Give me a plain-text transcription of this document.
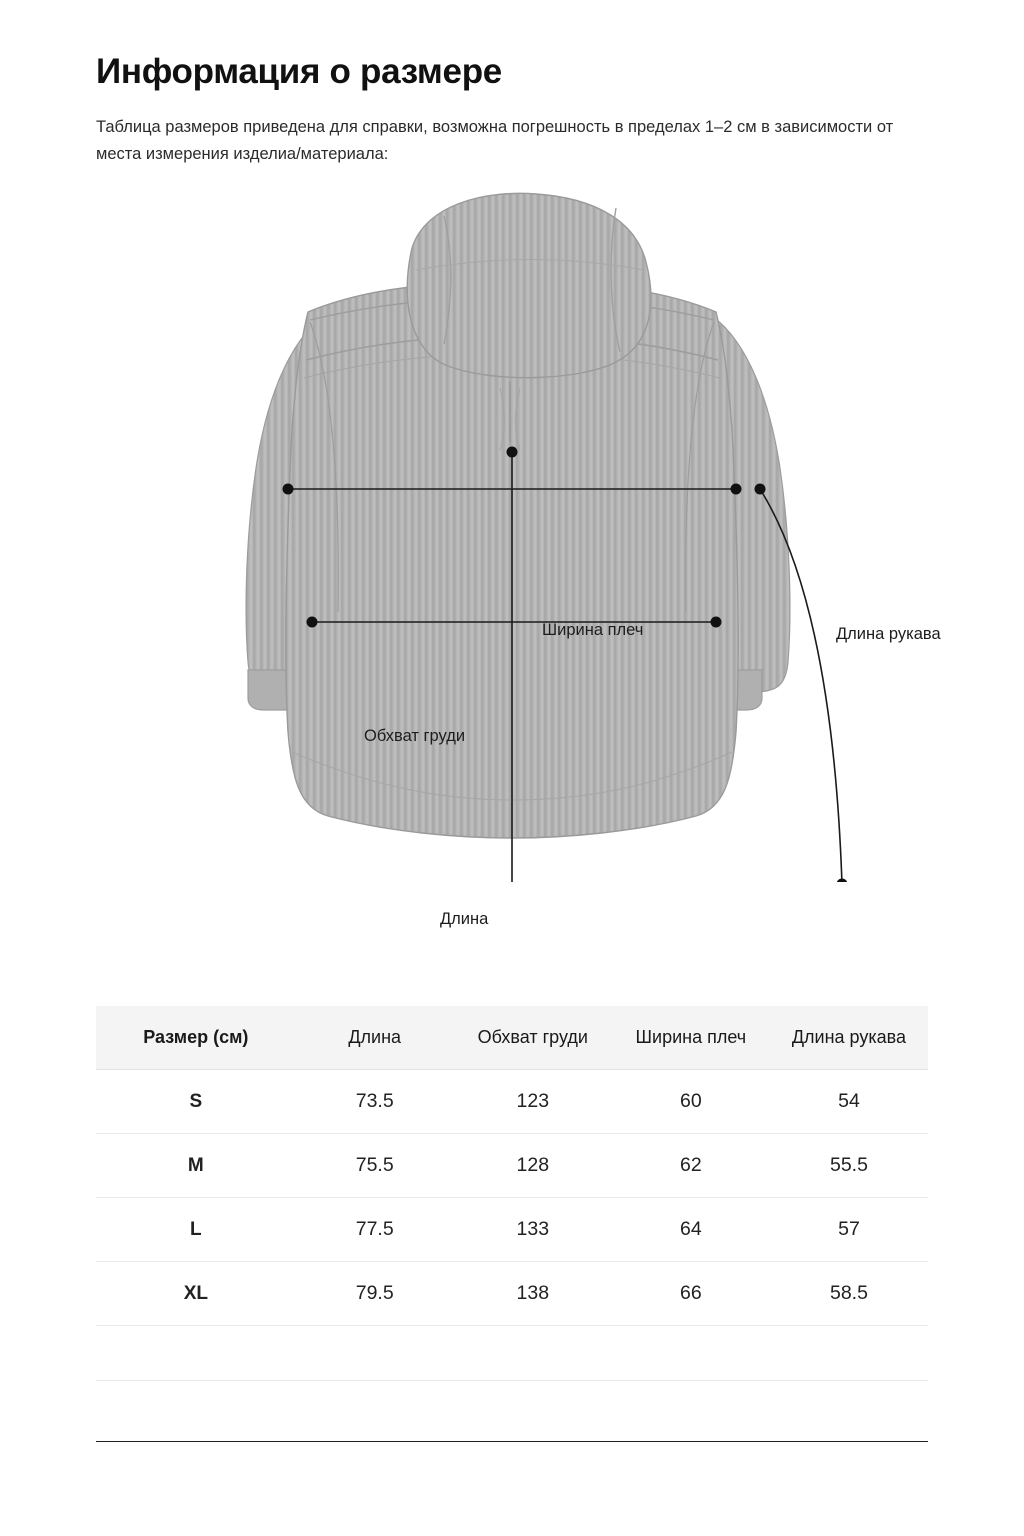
Информация о размере

Таблица размеров приведена для справки, возможна погрешность в пределах 1–2 см в зависимости от места измерения изделиа/материала:

Ширина плеч
Обхват груди
Длина
Длина рукава
Размер (см)	Длина	Обхват груди	Ширина плеч	Длина рукава
S	73.5	123	60	54
M	75.5	128	62	55.5
L	77.5	133	64	57
XL	79.5	138	66	58.5
